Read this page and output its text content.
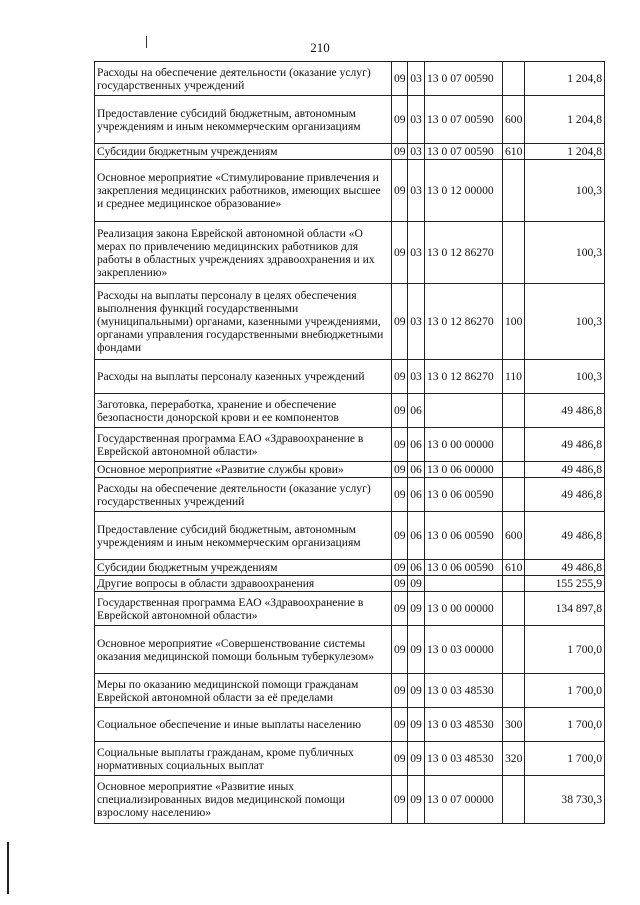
210
Расходы на обеспечение деятельности (оказание услуг) государственных учреждений	09	03	13 0 07 00590		1 204,8
Предоставление субсидий бюджетным, автономным учреждениям и иным некоммерческим организациям	09	03	13 0 07 00590	600	1 204,8
Субсидии бюджетным учреждениям	09	03	13 0 07 00590	610	1 204,8
Основное мероприятие «Стимулирование привлечения и закрепления медицинских работников, имеющих высшее и среднее медицинское образование»	09	03	13 0 12 00000		100,3
Реализация закона Еврейской автономной области «О мерах по привлечению медицинских работников для работы в областных учреждениях здравоохранения и их закреплению»	09	03	13 0 12 86270		100,3
Расходы на выплаты персоналу в целях обеспечения выполнения функций государственными (муниципальными) органами, казенными учреждениями, органами управления государственными внебюджетными фондами	09	03	13 0 12 86270	100	100,3
Расходы на выплаты персоналу казенных учреждений	09	03	13 0 12 86270	110	100,3
Заготовка, переработка, хранение и обеспечение безопасности донорской крови и ее компонентов	09	06			49 486,8
Государственная программа ЕАО «Здравоохранение в Еврейской автономной области»	09	06	13 0 00 00000		49 486,8
Основное мероприятие «Развитие службы крови»	09	06	13 0 06 00000		49 486,8
Расходы на обеспечение деятельности (оказание услуг) государственных учреждений	09	06	13 0 06 00590		49 486,8
Предоставление субсидий бюджетным, автономным учреждениям и иным некоммерческим организациям	09	06	13 0 06 00590	600	49 486,8
Субсидии бюджетным учреждениям	09	06	13 0 06 00590	610	49 486,8
Другие вопросы в области здравоохранения	09	09			155 255,9
Государственная программа ЕАО «Здравоохранение в Еврейской автономной области»	09	09	13 0 00 00000		134 897,8
Основное мероприятие «Совершенствование системы оказания медицинской помощи больным туберкулезом»	09	09	13 0 03 00000		1 700,0
Меры по оказанию медицинской помощи гражданам Еврейской автономной области за её пределами	09	09	13 0 03 48530		1 700,0
Социальное обеспечение и иные выплаты населению	09	09	13 0 03 48530	300	1 700,0
Социальные выплаты гражданам, кроме публичных нормативных социальных выплат	09	09	13 0 03 48530	320	1 700,0
Основное мероприятие «Развитие иных специализированных видов медицинской помощи взрослому населению»	09	09	13 0 07 00000		38 730,3
